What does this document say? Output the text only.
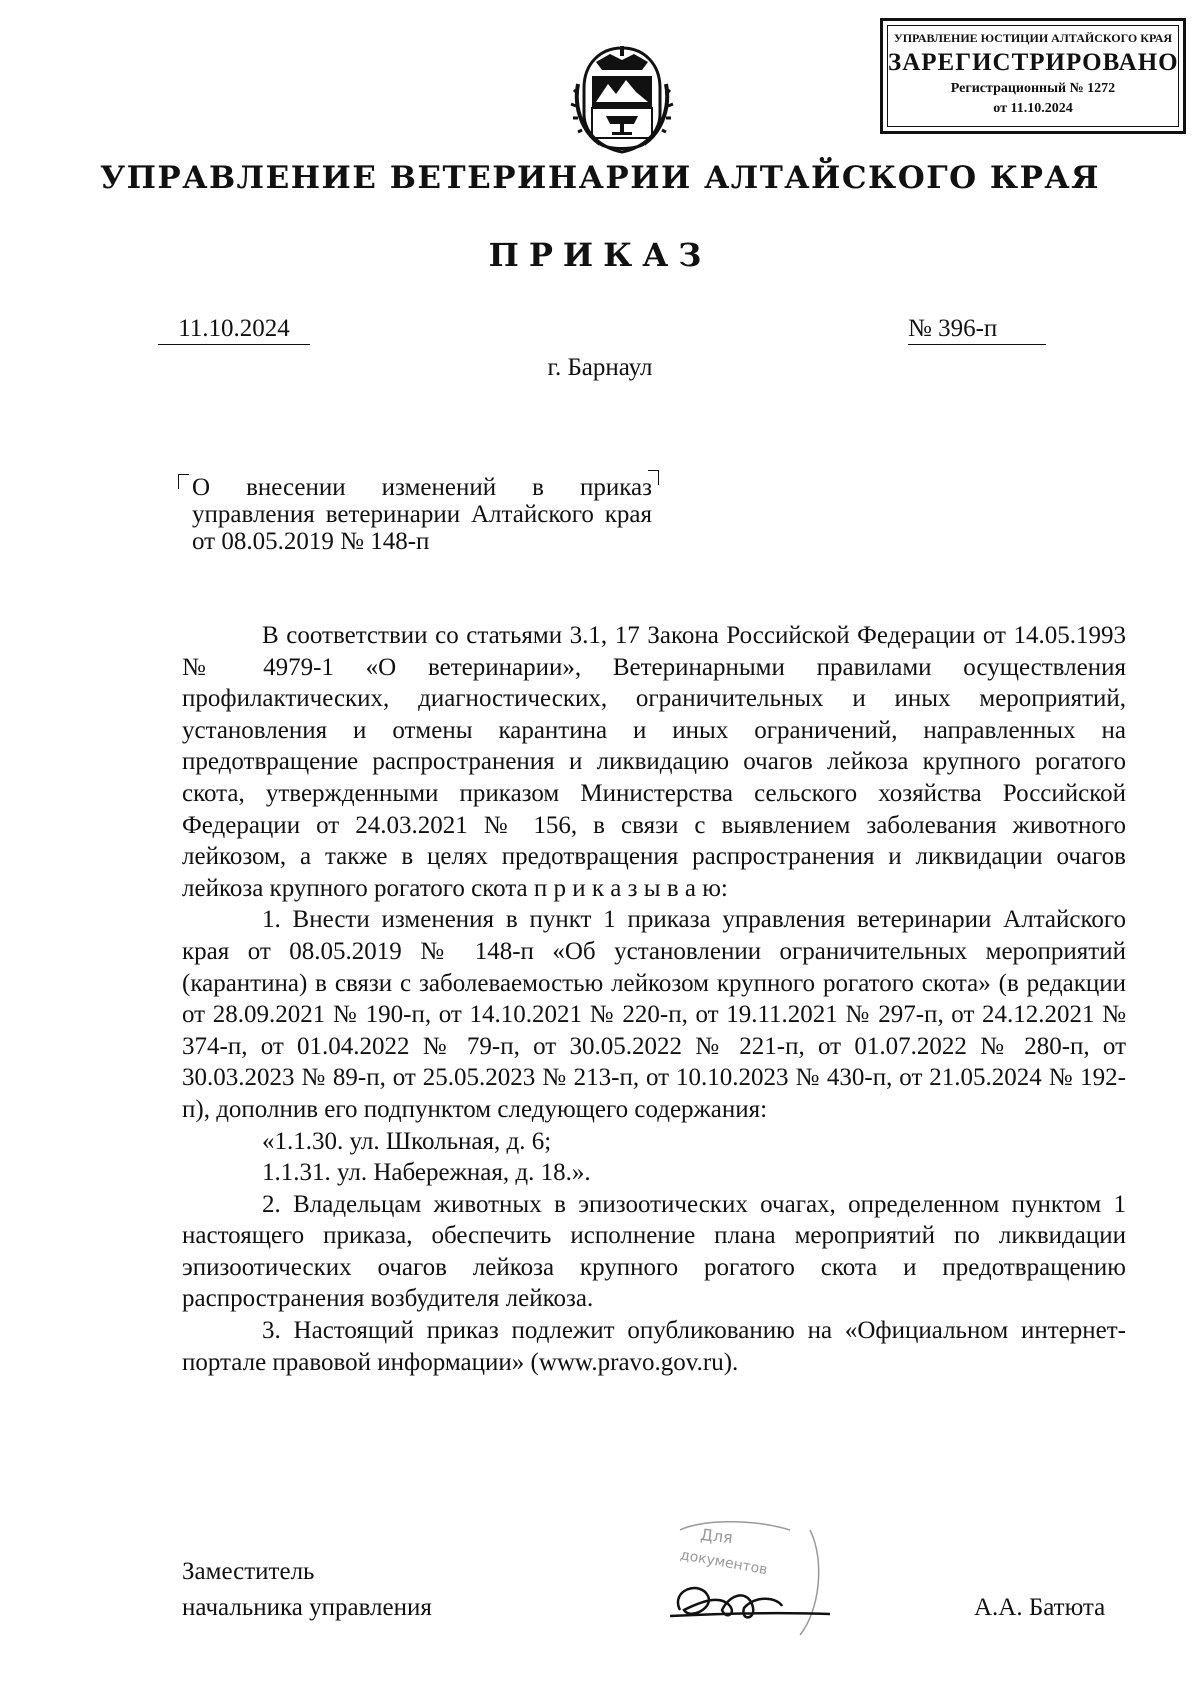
УПРАВЛЕНИЕ ЮСТИЦИИ АЛТАЙСКОГО КРАЯ
ЗАРЕГИСТРИРОВАНО
Регистрационный № 1272
от 11.10.2024
УПРАВЛЕНИЕ ВЕТЕРИНАРИИ АЛТАЙСКОГО КРАЯ
ПРИКАЗ
11.10.2024	№ 396-п
г. Барнаул
О внесении изменений в приказ управления ветеринарии Алтайского края от 08.05.2019 № 148-п

В соответствии со статьями 3.1, 17 Закона Российской Федерации от 14.05.1993 № 4979-1 «О ветеринарии», Ветеринарными правилами осуществления профилактических, диагностических, ограничительных и иных мероприятий, установления и отмены карантина и иных ограничений, направленных на предотвращение распространения и ликвидацию очагов лейкоза крупного рогатого скота, утвержденными приказом Министерства сельского хозяйства Российской Федерации от 24.03.2021 № 156, в связи с выявлением заболевания животного лейкозом, а также в целях предотвращения распространения и ликвидации очагов лейкоза крупного рогатого скота п р и к а з ы в а ю:

1. Внести изменения в пункт 1 приказа управления ветеринарии Алтайского края от 08.05.2019 № 148-п «Об установлении ограничительных мероприятий (карантина) в связи с заболеваемостью лейкозом крупного рогатого скота» (в редакции от 28.09.2021 № 190-п, от 14.10.2021 № 220-п, от 19.11.2021 № 297-п, от 24.12.2021 № 374-п, от 01.04.2022 № 79-п, от 30.05.2022 № 221-п, от 01.07.2022 № 280-п, от 30.03.2023 № 89-п, от 25.05.2023 № 213-п, от 10.10.2023 № 430-п, от 21.05.2024 № 192-п), дополнив его подпунктом следующего содержания:

«1.1.30. ул. Школьная, д. 6;

1.1.31. ул. Набережная, д. 18.».

2. Владельцам животных в эпизоотических очагах, определенном пунктом 1 настоящего приказа, обеспечить исполнение плана мероприятий по ликвидации эпизоотических очагов лейкоза крупного рогатого скота и предотвращению распространения возбудителя лейкоза.

3. Настоящий приказ подлежит опубликованию на «Официальном интернет-портале правовой информации» (www.pravo.gov.ru).

Заместитель
начальника управления
Для
документов
А.А. Батюта
